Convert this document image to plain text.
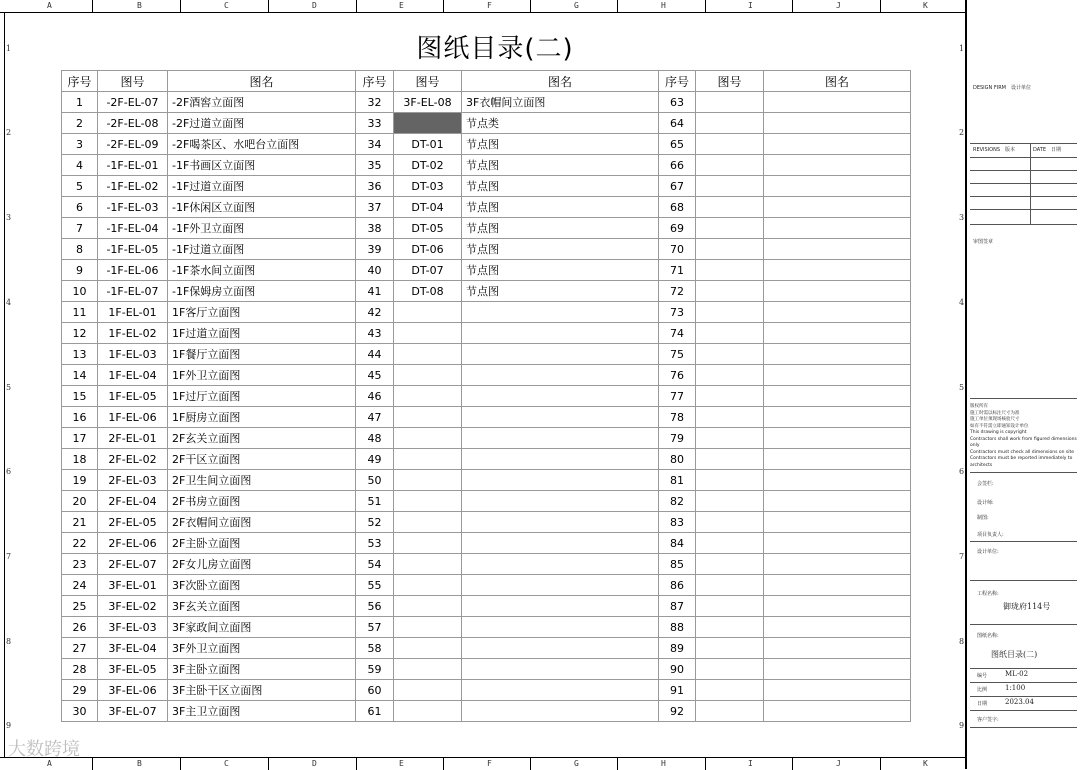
A	B	C	D	E	F	G	H	I	J	K
A	B	C	D	E	F	G	H	I	J	K
1	1
2	2
3	3
4	4
5	5
6	6
7	7
8	8
9	9
图纸目录(二)
序号	图号	图名	序号	图号	图名	序号	图号	图名
1	-2F-EL-07	-2F酒窖立面图	32	3F-EL-08	3F衣帽间立面图	63		
2	-2F-EL-08	-2F过道立面图	33		节点类	64		
3	-2F-EL-09	-2F喝茶区、水吧台立面图	34	DT-01	节点图	65		
4	-1F-EL-01	-1F书画区立面图	35	DT-02	节点图	66		
5	-1F-EL-02	-1F过道立面图	36	DT-03	节点图	67		
6	-1F-EL-03	-1F休闲区立面图	37	DT-04	节点图	68		
7	-1F-EL-04	-1F外卫立面图	38	DT-05	节点图	69		
8	-1F-EL-05	-1F过道立面图	39	DT-06	节点图	70		
9	-1F-EL-06	-1F茶水间立面图	40	DT-07	节点图	71		
10	-1F-EL-07	-1F保姆房立面图	41	DT-08	节点图	72		
11	1F-EL-01	1F客厅立面图	42			73		
12	1F-EL-02	1F过道立面图	43			74		
13	1F-EL-03	1F餐厅立面图	44			75		
14	1F-EL-04	1F外卫立面图	45			76		
15	1F-EL-05	1F过厅立面图	46			77		
16	1F-EL-06	1F厨房立面图	47			78		
17	2F-EL-01	2F玄关立面图	48			79		
18	2F-EL-02	2F干区立面图	49			80		
19	2F-EL-03	2F卫生间立面图	50			81		
20	2F-EL-04	2F书房立面图	51			82		
21	2F-EL-05	2F衣帽间立面图	52			83		
22	2F-EL-06	2F主卧立面图	53			84		
23	2F-EL-07	2F女儿房立面图	54			85		
24	3F-EL-01	3F次卧立面图	55			86		
25	3F-EL-02	3F玄关立面图	56			87		
26	3F-EL-03	3F家政间立面图	57			88		
27	3F-EL-04	3F外卫立面图	58			89		
28	3F-EL-05	3F主卧立面图	59			90		
29	3F-EL-06	3F主卧干区立面图	60			91		
30	3F-EL-07	3F主卫立面图	61			92		
DESIGN FIRM　设计单位
REVISIONS　版本	DATE　日期
审图签章
版权所有
施工时需以标注尺寸为准
施工单位须现场核验尺寸
如有不符需立即通知设计单位
This drawing is copyright
Contractors shall work from figured dimensions only
Contractors must check all dimensions on site
Contractors must be reported immediately to architects
会签栏:
设计师:
制图:
项目负责人:
设计单位:
工程名称:
御珑府114号
图纸名称:
图纸目录(二)
编号	ML-02
比例	1:100
日期	2023.04
客户签字:
大数跨境
